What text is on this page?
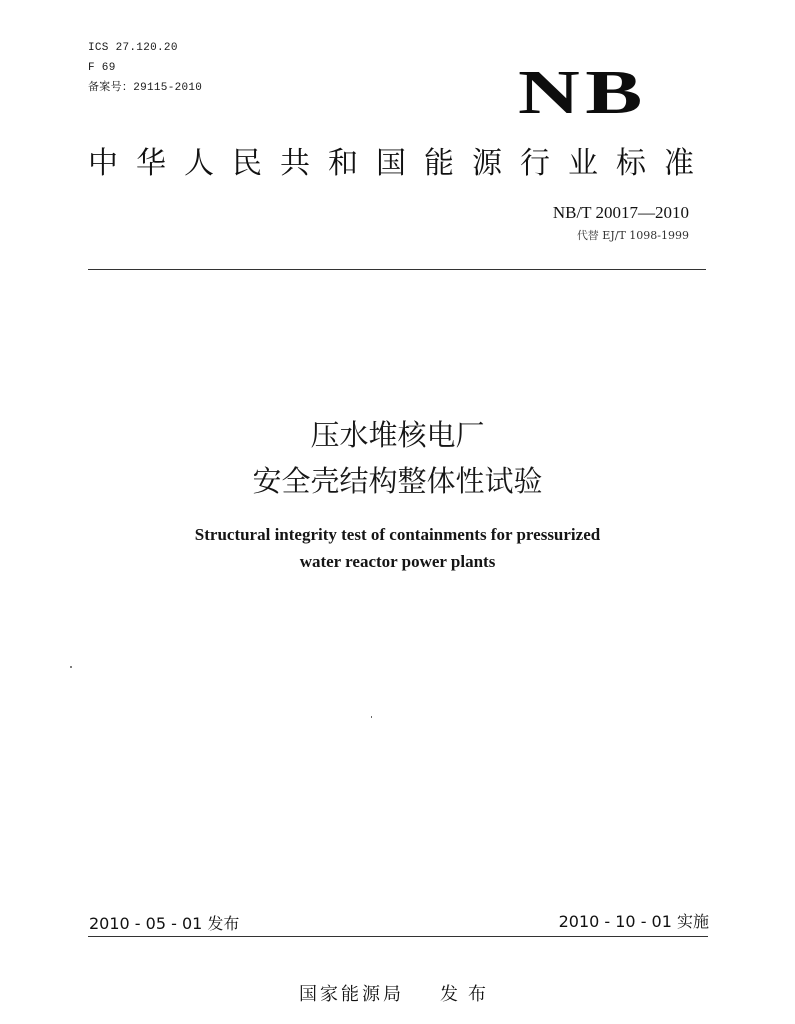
ICS 27.120.20
F 69
备案号：29115-2010	NB
中 华 人 民 共 和 国 能 源 行 业 标 准
NB/T 20017—2010
代替 EJ/T 1098-1999
压水堆核电厂
安全壳结构整体性试验
Structural integrity test of containments for pressurized
water reactor power plants
2010 - 05 - 01 发布	2010 - 10 - 01 实施
国家能源局 发布
